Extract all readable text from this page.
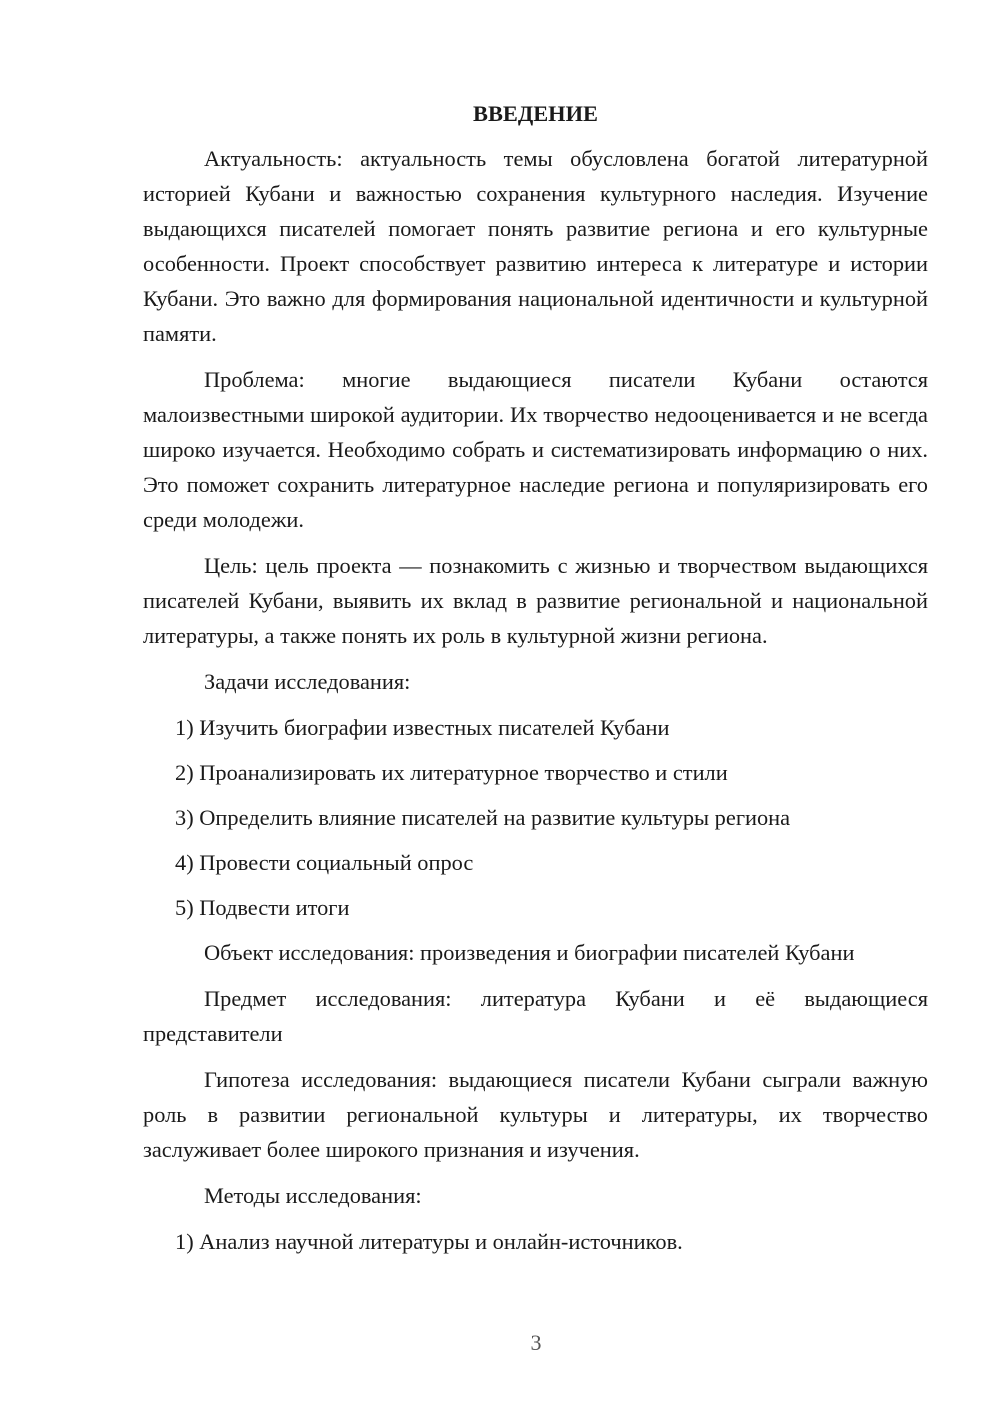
ВВЕДЕНИЕ

Актуальность: актуальность темы обусловлена богатой литературной историей Кубани и важностью сохранения культурного наследия. Изучение выдающихся писателей помогает понять развитие региона и его культурные особенности. Проект способствует развитию интереса к литературе и истории Кубани. Это важно для формирования национальной идентичности и культурной памяти.

Проблема: многие выдающиеся писатели Кубани остаются малоизвестными широкой аудитории. Их творчество недооценивается и не всегда широко изучается. Необходимо собрать и систематизировать информацию о них. Это поможет сохранить литературное наследие региона и популяризировать его среди молодежи.

Цель: цель проекта — познакомить с жизнью и творчеством выдающихся писателей Кубани, выявить их вклад в развитие региональной и национальной литературы, а также понять их роль в культурной жизни региона.

Задачи исследования:

1) Изучить биографии известных писателей Кубани
2) Проанализировать их литературное творчество и стили
3) Определить влияние писателей на развитие культуры региона
4) Провести социальный опрос
5) Подвести итоги

Объект исследования: произведения и биографии писателей Кубани

Предмет исследования: литература Кубани и её выдающиеся представители

Гипотеза исследования: выдающиеся писатели Кубани сыграли важную роль в развитии региональной культуры и литературы, их творчество заслуживает более широкого признания и изучения.

Методы исследования:

1) Анализ научной литературы и онлайн-источников.
3
